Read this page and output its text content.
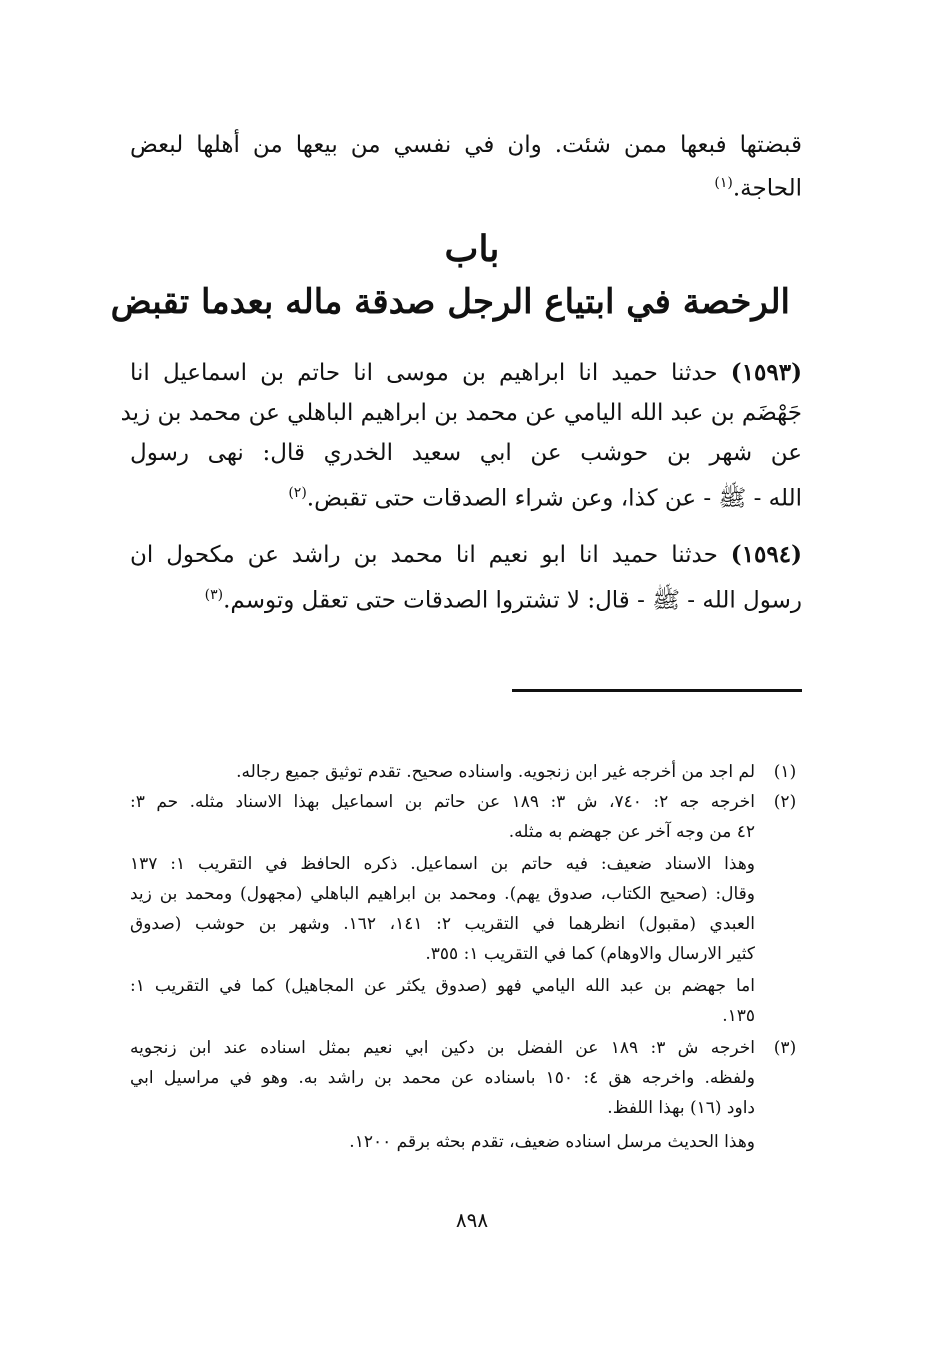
قبضتها فبعها ممن شئت. وان في نفسي من بيعها من أهلها لبعض
الحاجة.$^{(١)}$
باب
الرخصة في ابتياع الرجل صدقة ماله بعدما تقبض
(١٥٩٣) حدثنا حميد انا ابراهيم بن موسى انا حاتم بن اسماعيل انا
جَهْضَم بن عبد الله اليامي عن محمد بن ابراهيم الباهلي عن محمد بن زيد
عن شهر بن حوشب عن ابي سعيد الخدري قال: نهى رسول
الله - ﷺ - عن كذا، وعن شراء الصدقات حتى تقبض.$^{(٢)}$
(١٥٩٤) حدثنا حميد انا ابو نعيم انا محمد بن راشد عن مكحول ان
رسول الله - ﷺ - قال: لا تشتروا الصدقات حتى تعقل وتوسم.$^{(٣)}$
(١)
لم اجد من أخرجه غير ابن زنجويه. واسناده صحيح. تقدم توثيق جميع رجاله.
(٢)
اخرجه جه ٢: ٧٤٠، ش ٣: ١٨٩ عن حاتم بن اسماعيل بهذا الاسناد مثله. حم ٣:
٤٢ من وجه آخر عن جهضم به مثله.
وهذا الاسناد ضعيف: فيه حاتم بن اسماعيل. ذكره الحافظ في التقريب ١: ١٣٧
وقال: (صحيح الكتاب، صدوق يهم). ومحمد بن ابراهيم الباهلي (مجهول) ومحمد بن زيد
العبدي (مقبول) انظرهما في التقريب ٢: ١٤١، ١٦٢. وشهر بن حوشب (صدوق
كثير الارسال والاوهام) كما في التقريب ١: ٣٥٥.
اما جهضم بن عبد الله اليامي فهو (صدوق يكثر عن المجاهيل) كما في التقريب ١:
١٣٥.
(٣)
اخرجه ش ٣: ١٨٩ عن الفضل بن دكين ابي نعيم بمثل اسناده عند ابن زنجويه
ولفظه. واخرجه هق ٤: ١٥٠ باسناده عن محمد بن راشد به. وهو في مراسيل ابي
داود (١٦) بهذا اللفظ.
وهذا الحديث مرسل اسناده ضعيف، تقدم بحثه برقم ١٢٠٠.
٨٩٨
